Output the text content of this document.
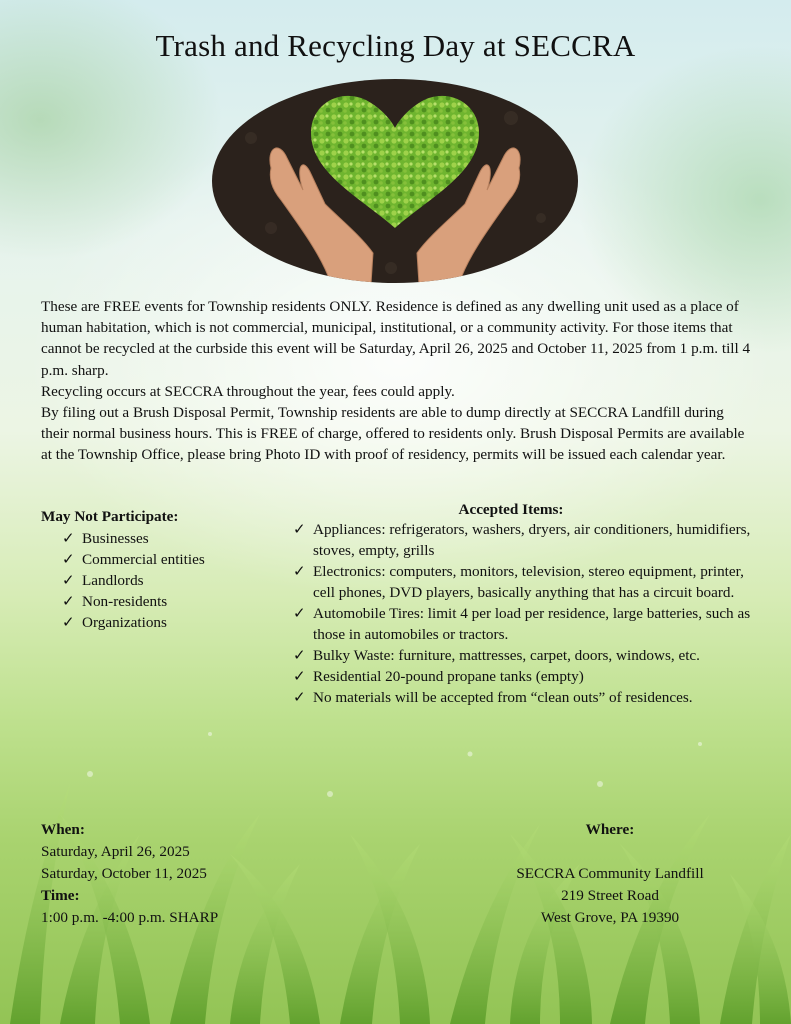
Trash and Recycling Day at SECCRA

These are FREE events for Township residents ONLY. Residence is defined as any dwelling unit used as a place of human habitation, which is not commercial, municipal, institutional, or a community activity. For those items that cannot be recycled at the curbside this event will be Saturday, April 26, 2025 and October 11, 2025 from 1 p.m. till 4 p.m. sharp.

Recycling occurs at SECCRA throughout the year, fees could apply.

By filing out a Brush Disposal Permit, Township residents are able to dump directly at SECCRA Landfill during their normal business hours. This is FREE of charge, offered to residents only. Brush Disposal Permits are available at the Township Office, please bring Photo ID with proof of residency, permits will be issued each calendar year.

May Not Participate:
✓ Businesses
✓ Commercial entities
✓ Landlords
✓ Non-residents
✓ Organizations
Accepted Items:
✓ Appliances: refrigerators, washers, dryers, air conditioners, humidifiers, stoves, empty, grills
✓ Electronics: computers, monitors, television, stereo equipment, printer, cell phones, DVD players, basically anything that has a circuit board.
✓ Automobile Tires: limit 4 per load per residence, large batteries, such as those in automobiles or tractors.
✓ Bulky Waste: furniture, mattresses, carpet, doors, windows, etc.
✓ Residential 20-pound propane tanks (empty)
✓ No materials will be accepted from “clean outs” of residences.
When:
Saturday, April 26, 2025
Saturday, October 11, 2025
Time:
1:00 p.m. -4:00 p.m. SHARP
Where:
SECCRA Community Landfill
219 Street Road
West Grove, PA 19390
